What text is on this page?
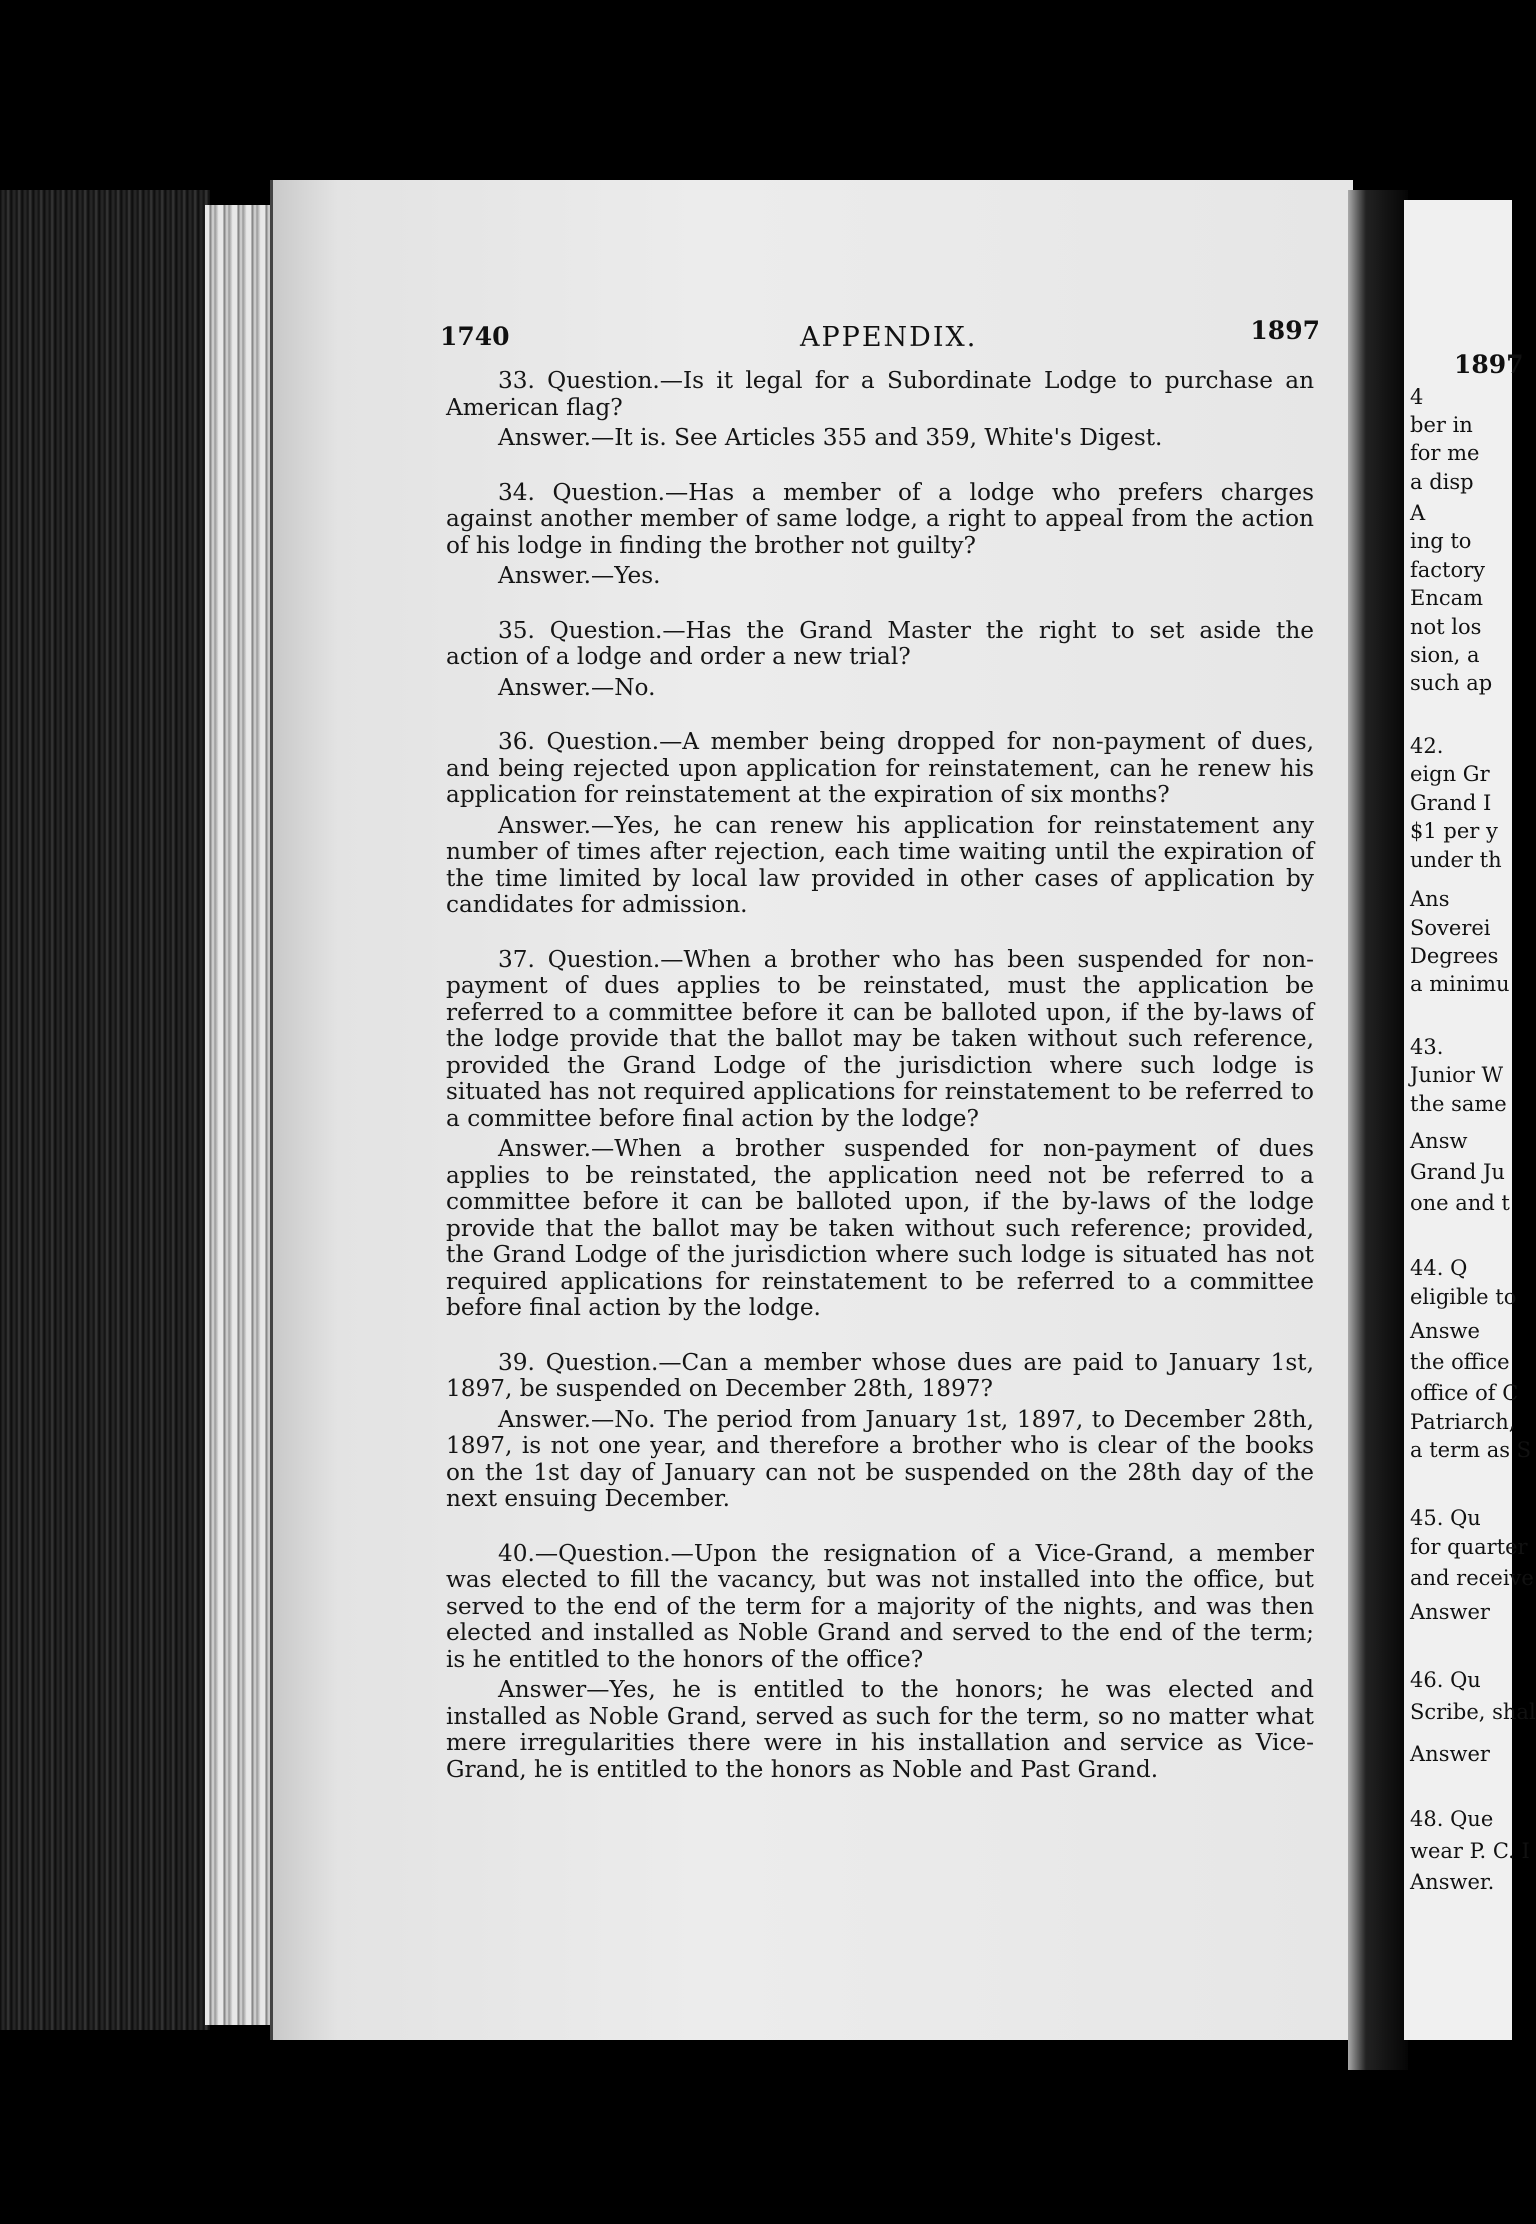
1740	APPENDIX.	1897

33. Question.—Is it legal for a Subordinate Lodge to purchase an American flag?

Answer.—It is. See Articles 355 and 359, White's Digest.

34. Question.—Has a member of a lodge who prefers charges against another member of same lodge, a right to appeal from the action of his lodge in finding the brother not guilty?

Answer.—Yes.

35. Question.—Has the Grand Master the right to set aside the action of a lodge and order a new trial?

Answer.—No.

36. Question.—A member being dropped for non-payment of dues, and being rejected upon application for reinstatement, can he renew his application for reinstatement at the expiration of six months?

Answer.—Yes, he can renew his application for reinstatement any number of times after rejection, each time waiting until the expiration of the time limited by local law provided in other cases of application by candidates for admission.

37. Question.—When a brother who has been suspended for non-payment of dues applies to be reinstated, must the application be referred to a committee before it can be balloted upon, if the by-laws of the lodge provide that the ballot may be taken without such reference, provided the Grand Lodge of the jurisdiction where such lodge is situated has not required applications for reinstatement to be referred to a committee before final action by the lodge?

Answer.—When a brother suspended for non-payment of dues applies to be reinstated, the application need not be referred to a committee before it can be balloted upon, if the by-laws of the lodge provide that the ballot may be taken without such reference; provided, the Grand Lodge of the jurisdiction where such lodge is situated has not required applications for reinstatement to be referred to a committee before final action by the lodge.

39. Question.—Can a member whose dues are paid to January 1st, 1897, be suspended on December 28th, 1897?

Answer.—No. The period from January 1st, 1897, to December 28th, 1897, is not one year, and therefore a brother who is clear of the books on the 1st day of January can not be suspended on the 28th day of the next ensuing December.

40.—Question.—Upon the resignation of a Vice-Grand, a member was elected to fill the vacancy, but was not installed into the office, but served to the end of the term for a majority of the nights, and was then elected and installed as Noble Grand and served to the end of the term; is he entitled to the honors of the office?

Answer—Yes, he is entitled to the honors; he was elected and installed as Noble Grand, served as such for the term, so no matter what mere irregularities there were in his installation and service as Vice-Grand, he is entitled to the honors as Noble and Past Grand.

1897
4
ber in
for me
a disp
A
ing to
factory
Encam
not los
sion, a
such ap
42.
eign Gr
Grand I
$1 per y
under th
Ans
Soverei
Degrees
a minimu
43.
Junior W
the same
Answ
Grand Ju
one and t
44. Q
eligible to
Answe
the office
office of C
Patriarch,
a term as S
45. Qu
for quarter
and receive
Answer
46. Qu
Scribe, shal
Answer
48. Que
wear P. C. I
Answer.
